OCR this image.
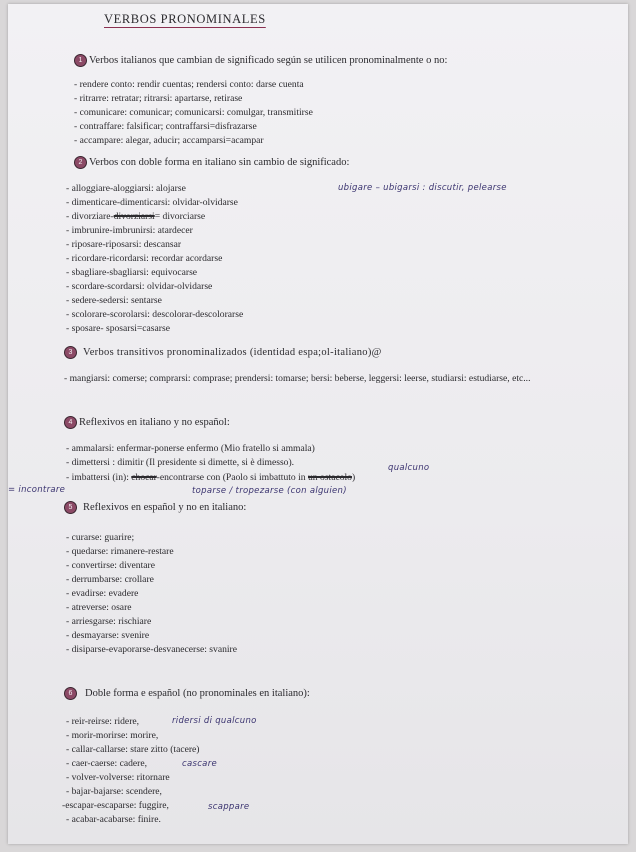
VERBOS PRONOMINALES
1 Verbos italianos que cambian de significado según se utilicen pronominalmente o no:
- rendere conto: rendir cuentas; rendersi conto: darse cuenta
- ritrarre: retratar; ritrarsi: apartarse, retirase
- comunicare: comunicar; comunicarsi: comulgar, transmitirse
- contraffare: falsificar; contraffarsi=disfrazarse
- accampare: alegar, aducir; accamparsi=acampar
2 Verbos con doble forma en italiano sin cambio de significado:
- alloggiare-aloggiarsi: alojarse	ubigare – ubigarsi : discutir, pelearse
- dimenticare-dimenticarsi: olvidar-olvidarse
- divorziare-divorziarsi= divorciarse
- imbrunire-imbrunirsi: atardecer
- riposare-riposarsi: descansar
- ricordare-ricordarsi: recordar acordarse
- sbagliare-sbagliarsi: equivocarse
- scordare-scordarsi: olvidar-olvidarse
- sedere-sedersi: sentarse
- scolorare-scorolarsi: descolorar-descolorarse
- sposare- sposarsi=casarse
3	Verbos transitivos pronominalizados (identidad espa;ol-italiano)@
- mangiarsi: comerse; comprarsi: comprase; prendersi: tomarse; bersi: beberse, leggersi: leerse, studiarsi: estudiarse, etc...
4 Reflexivos en italiano y no español:
- ammalarsi: enfermar-ponerse enfermo (Mio fratello si ammala)
- dimettersi : dimitir (Il presidente si dimette, si è dimesso).	qualcuno
- imbattersi (in): chocar-encontrarse con (Paolo si imbattuto in un ostacolo)
= incontrare	toparse / tropezarse (con alguien)
5	Reflexivos en español y no en italiano:
- curarse: guarire;
- quedarse: rimanere-restare
- convertirse: diventare
- derrumbarse: crollare
- evadirse: evadere
- atreverse: osare
- arriesgarse: rischiare
- desmayarse: svenire
- disiparse-evaporarse-desvanecerse: svanire
6	Doble forma e español (no pronominales en italiano):
- reir-reirse: ridere,	ridersi di qualcuno
- morir-morirse: morire,
- callar-callarse: stare zitto (tacere)
- caer-caerse: cadere,	cascare
- volver-volverse: ritornare
- bajar-bajarse: scendere,
-escapar-escaparse: fuggire,	scappare
- acabar-acabarse: finire.
